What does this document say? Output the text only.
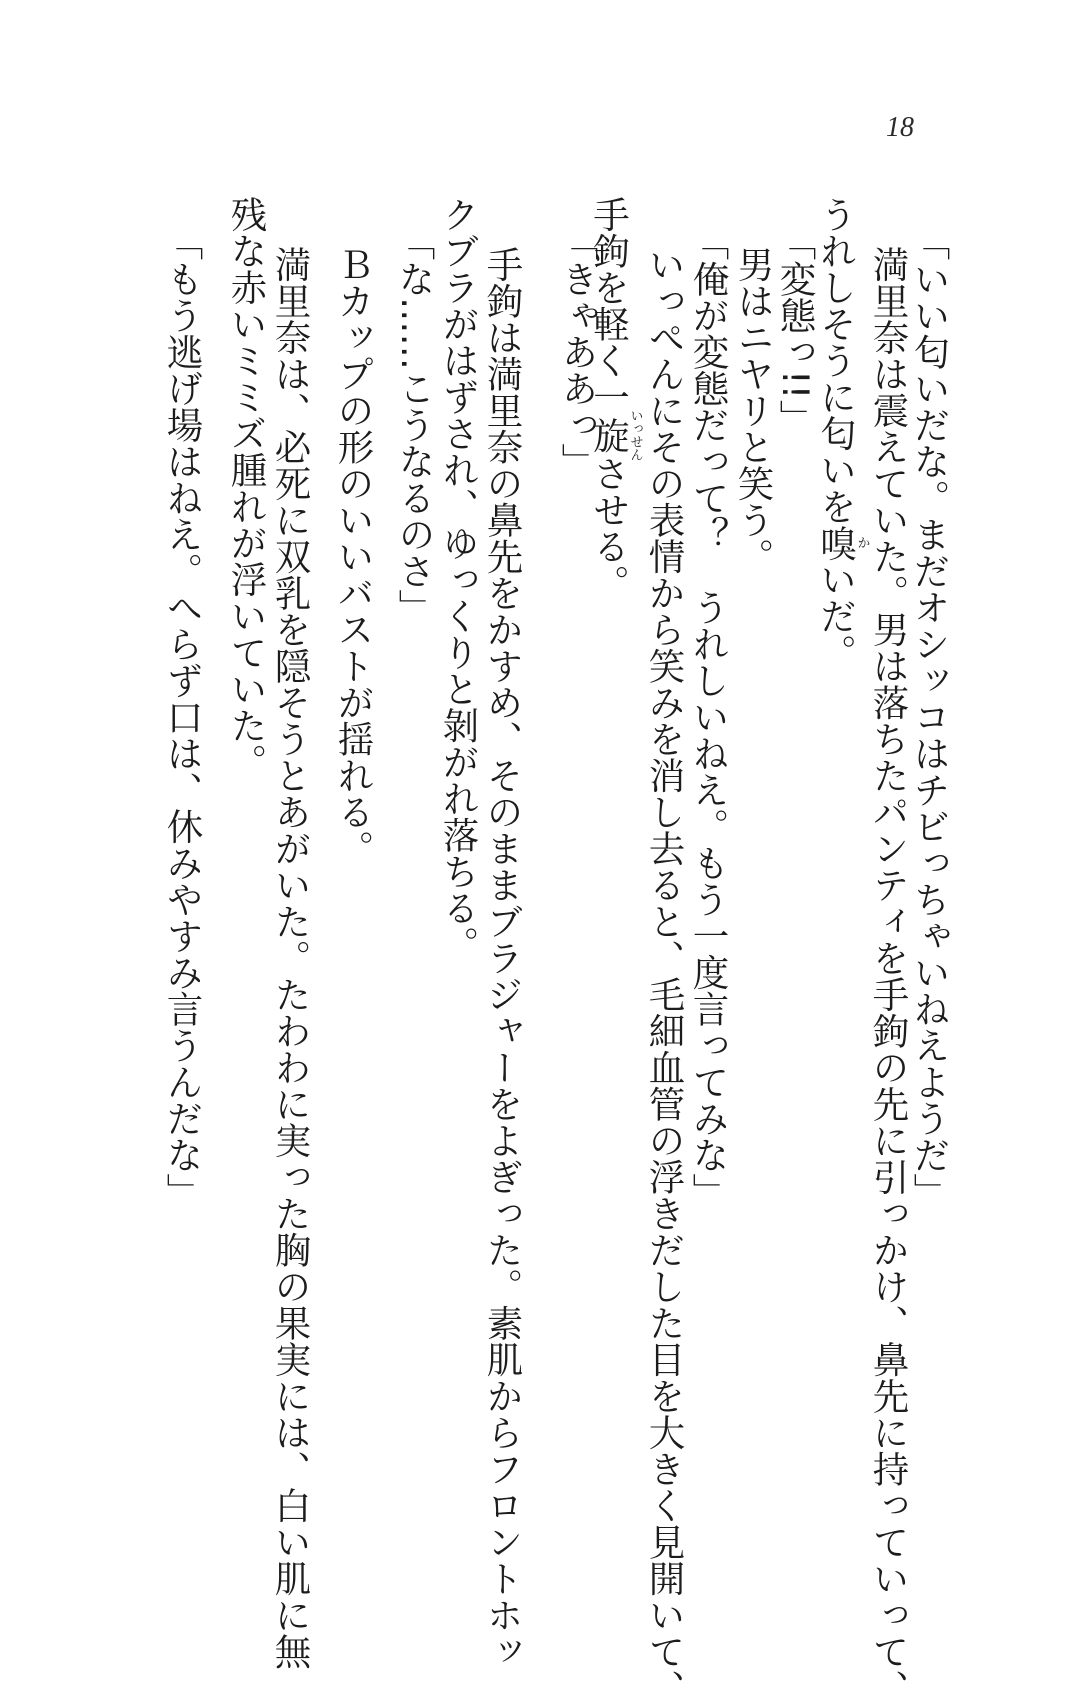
18
「いい匂いだな。まだオシッコはチビっちゃいねえようだ」
満里奈は震えていた。男は落ちたパンティを手鉤の先に引っかけ、鼻先に持っていって、
うれしそうに匂いを嗅かいだ。
「変態っ!!」
男はニヤリと笑う。
「俺が変態だって？　うれしいねえ。もう一度言ってみな」
いっぺんにその表情から笑みを消し去ると、毛細血管の浮きだした目を大きく見開いて、
手鉤を軽く一旋いっせんさせる。
「きゃああっ」
手鉤は満里奈の鼻先をかすめ、そのままブラジャーをよぎった。素肌からフロントホッ
クブラがはずされ、ゆっくりと剝がれ落ちる。
「な……こうなるのさ」
Ｂカップの形のいいバストが揺れる。
満里奈は、必死に双乳を隠そうとあがいた。たわわに実った胸の果実には、白い肌に無
残な赤いミミズ腫れが浮いていた。
「もう逃げ場はねえ。へらず口は、休みやすみ言うんだな」
